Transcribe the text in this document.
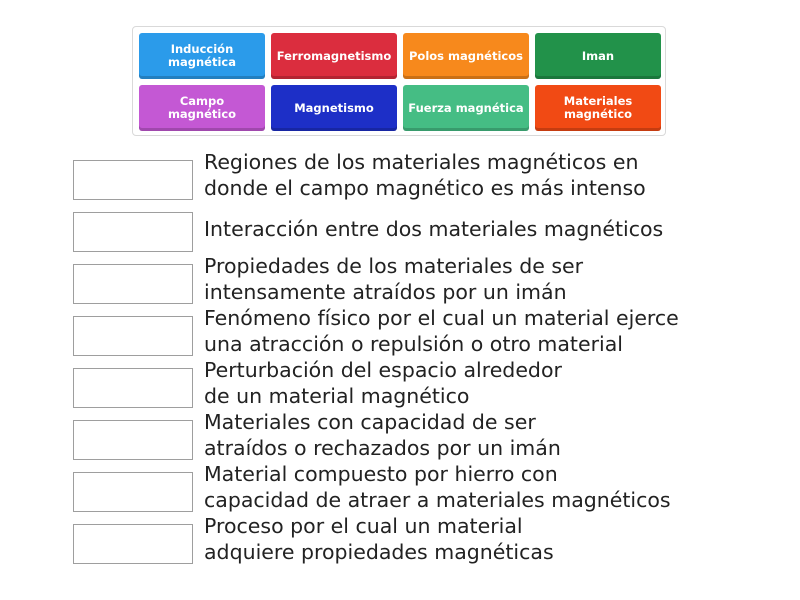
Inducción
magnética	Ferromagnetismo Polos magnéticos	Iman
Campo
magnético	Magnetismo	Fuerza magnética	Materiales
magnético
Regiones de los materiales magnéticos en
donde el campo magnético es más intenso
Interacción entre dos materiales magnéticos
Propiedades de los materiales de ser
intensamente atraídos por un imán
Fenómeno físico por el cual un material ejerce
una atracción o repulsión o otro material
Perturbación del espacio alrededor
de un material magnético
Materiales con capacidad de ser
atraídos o rechazados por un imán
Material compuesto por hierro con
capacidad de atraer a materiales magnéticos
Proceso por el cual un material
adquiere propiedades magnéticas
